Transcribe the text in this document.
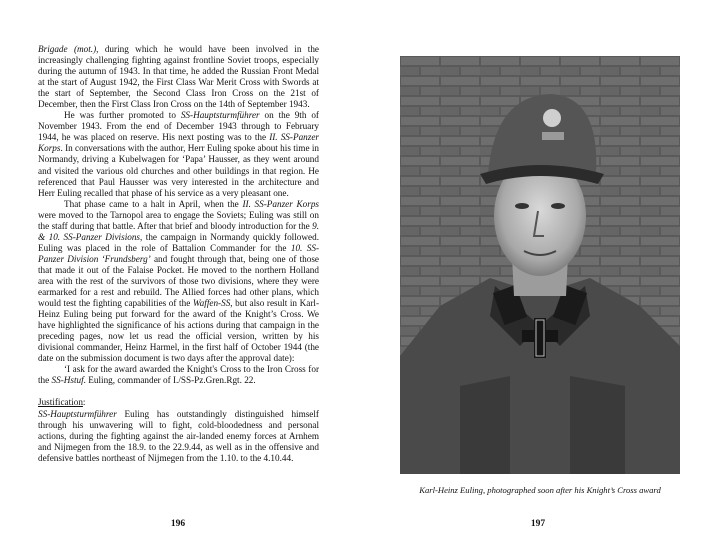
Brigade (mot.), during which he would have been involved in the increasingly challenging fighting against frontline Soviet troops, especially during the autumn of 1943. In that time, he added the Russian Front Medal at the start of August 1942, the First Class War Merit Cross with Swords at the start of September, the Second Class Iron Cross on the 21st of December, then the First Class Iron Cross on the 14th of September 1943.

He was further promoted to SS-Hauptsturmführer on the 9th of November 1943. From the end of December 1943 through to February 1944, he was placed on reserve. His next posting was to the II. SS-Panzer Korps. In conversations with the author, Herr Euling spoke about his time in Normandy, driving a Kubelwagen for ‘Papa’ Hausser, as they went around and visited the various old churches and other buildings in that region. He referenced that Paul Hausser was very interested in the architecture and Herr Euling recalled that phase of his service as a very pleasant one.

That phase came to a halt in April, when the II. SS-Panzer Korps were moved to the Tarnopol area to engage the Soviets; Euling was still on the staff during that battle. After that brief and bloody introduction for the 9. & 10. SS-Panzer Divisions, the campaign in Normandy quickly followed. Euling was placed in the role of Battalion Commander for the 10. SS-Panzer Division ‘Frundsberg’ and fought through that, being one of those that made it out of the Falaise Pocket. He moved to the northern Holland area with the rest of the survivors of those two divisions, where they were earmarked for a rest and rebuild. The Allied forces had other plans, which would test the fighting capabilities of the Waffen-SS, but also result in Karl-Heinz Euling being put forward for the award of the Knight’s Cross. We have highlighted the significance of his actions during that campaign in the preceding pages, now let us read the official version, written by his divisional commander, Heinz Harmel, in the first half of October 1944 (the date on the submission document is two days after the approval date):

‘I ask for the award awarded the Knight's Cross to the Iron Cross for the SS-Hstuf. Euling, commander of I./SS-Pz.Gren.Rgt. 22.

Justification:

SS-Hauptsturmführer Euling has outstandingly distinguished himself through his unwavering will to fight, cold-bloodedness and personal actions, during the fighting against the air-landed enemy forces at Arnhem and Nijmegen from the 18.9. to the 22.9.44, as well as in the offensive and defensive battles northeast of Nijmegen from the 1.10. to the 4.10.44.

196
Karl-Heinz Euling, photographed soon after his Knight’s Cross award
197
